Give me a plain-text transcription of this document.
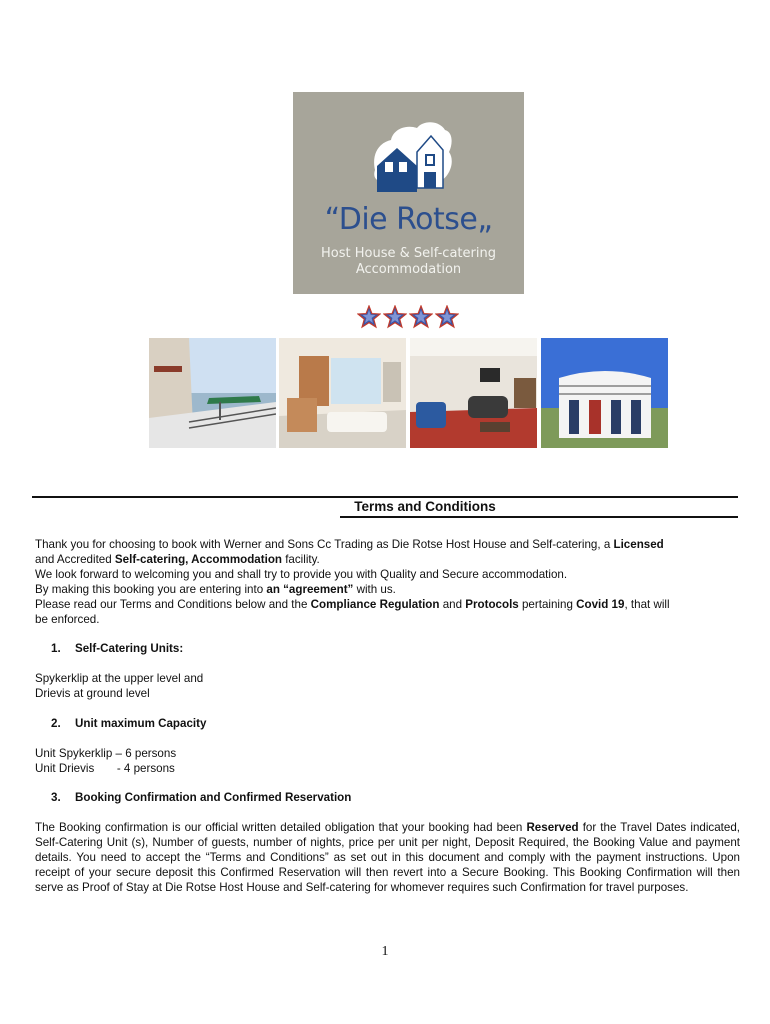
“Die Rotse„
Host House & Self-catering
Accommodation
Terms and Conditions
Thank you for choosing to book with Werner and Sons Cc Trading as Die Rotse Host House and Self-catering, a Licensed
and Accredited Self-catering, Accommodation facility.
We look forward to welcoming you and shall try to provide you with Quality and Secure accommodation.
By making this booking you are entering into an “agreement” with us.
Please read our Terms and Conditions below and the Compliance Regulation and Protocols pertaining Covid 19, that will
be enforced.
1. Self-Catering Units:
Spykerklip at the upper level and
Drievis at ground level
2. Unit maximum Capacity
Unit Spykerklip – 6 persons
Unit Drievis       - 4 persons
3. Booking Confirmation and Confirmed Reservation
The Booking confirmation is our official written detailed obligation that your booking had been Reserved for the Travel Dates indicated, Self-Catering Unit (s), Number of guests, number of nights, price per unit per night, Deposit Required, the Booking Value and payment details. You need to accept the “Terms and Conditions” as set out in this document and comply with the payment instructions. Upon receipt of your secure deposit this Confirmed Reservation will then revert into a Secure Booking. This Booking Confirmation will then serve as Proof of Stay at Die Rotse Host House and Self-catering for whomever requires such Confirmation for travel purposes.
1
